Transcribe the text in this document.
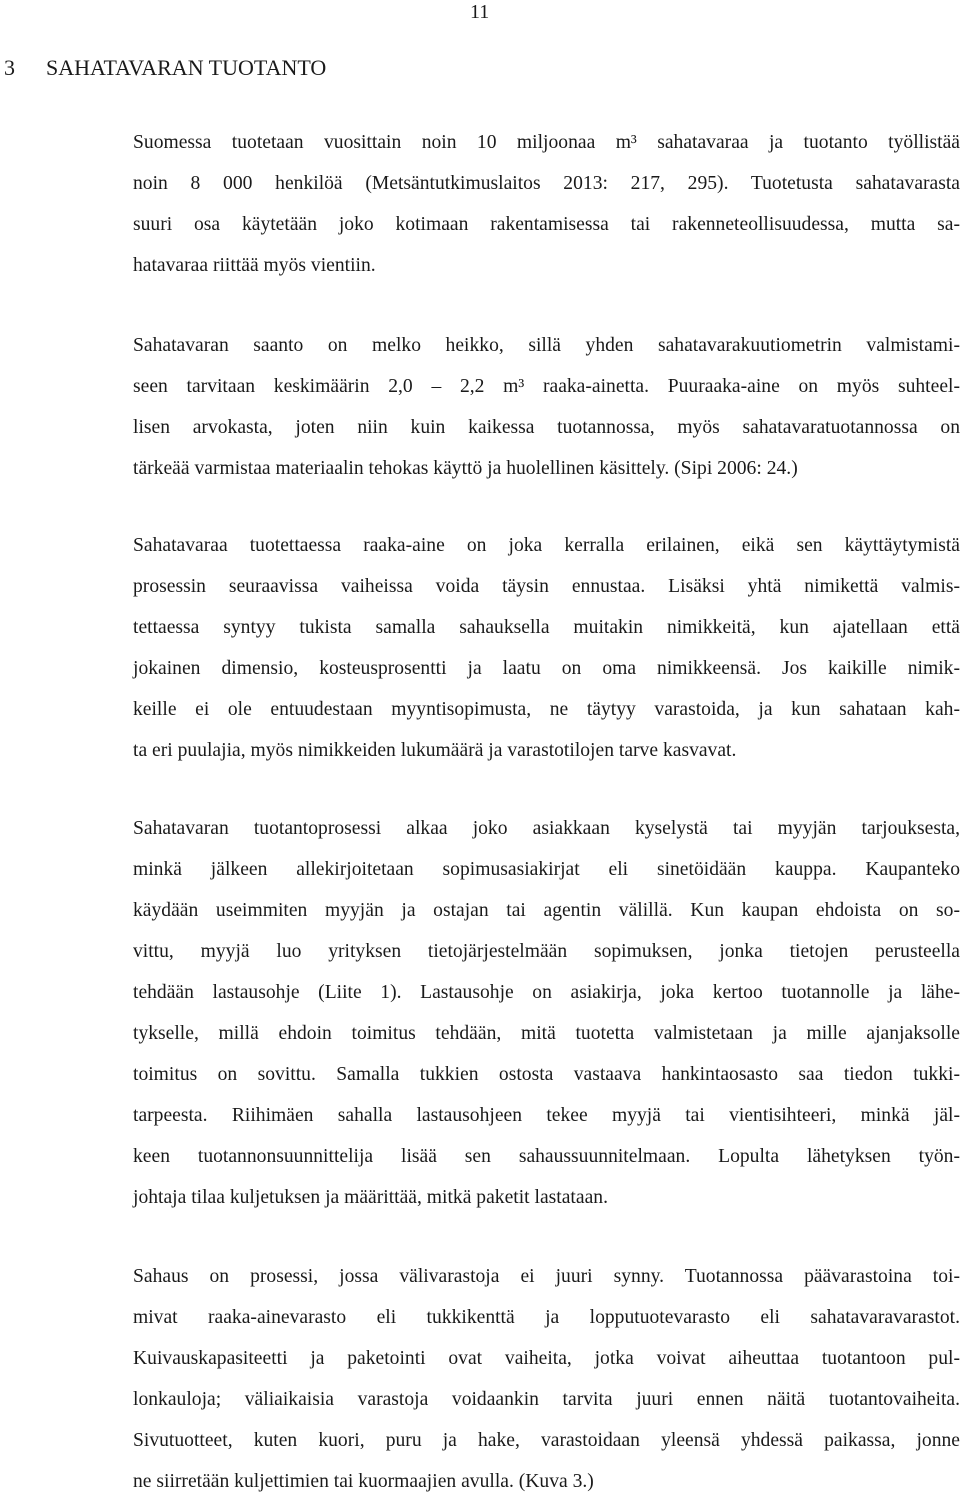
11
3 SAHATAVARAN TUOTANTO
Suomessa tuotetaan vuosittain noin 10 miljoonaa m³ sahatavaraa ja tuotanto työllistää
noin 8 000 henkilöä (Metsäntutkimuslaitos 2013: 217, 295). Tuotetusta sahatavarasta
suuri osa käytetään joko kotimaan rakentamisessa tai rakenneteollisuudessa, mutta sa-
hatavaraa riittää myös vientiin.
Sahatavaran saanto on melko heikko, sillä yhden sahatavarakuutiometrin valmistami-
seen tarvitaan keskimäärin 2,0 – 2,2 m³ raaka-ainetta. Puuraaka-aine on myös suhteel-
lisen arvokasta, joten niin kuin kaikessa tuotannossa, myös sahatavaratuotannossa on
tärkeää varmistaa materiaalin tehokas käyttö ja huolellinen käsittely. (Sipi 2006: 24.)
Sahatavaraa tuotettaessa raaka-aine on joka kerralla erilainen, eikä sen käyttäytymistä
prosessin seuraavissa vaiheissa voida täysin ennustaa. Lisäksi yhtä nimikettä valmis-
tettaessa syntyy tukista samalla sahauksella muitakin nimikkeitä, kun ajatellaan että
jokainen dimensio, kosteusprosentti ja laatu on oma nimikkeensä. Jos kaikille nimik-
keille ei ole entuudestaan myyntisopimusta, ne täytyy varastoida, ja kun sahataan kah-
ta eri puulajia, myös nimikkeiden lukumäärä ja varastotilojen tarve kasvavat.
Sahatavaran tuotantoprosessi alkaa joko asiakkaan kyselystä tai myyjän tarjouksesta,
minkä jälkeen allekirjoitetaan sopimusasiakirjat eli sinetöidään kauppa. Kaupanteko
käydään useimmiten myyjän ja ostajan tai agentin välillä. Kun kaupan ehdoista on so-
vittu, myyjä luo yrityksen tietojärjestelmään sopimuksen, jonka tietojen perusteella
tehdään lastausohje (Liite 1). Lastausohje on asiakirja, joka kertoo tuotannolle ja lähe-
tykselle, millä ehdoin toimitus tehdään, mitä tuotetta valmistetaan ja mille ajanjaksolle
toimitus on sovittu. Samalla tukkien ostosta vastaava hankintaosasto saa tiedon tukki-
tarpeesta. Riihimäen sahalla lastausohjeen tekee myyjä tai vientisihteeri, minkä jäl-
keen tuotannonsuunnittelija lisää sen sahaussuunnitelmaan. Lopulta lähetyksen työn-
johtaja tilaa kuljetuksen ja määrittää, mitkä paketit lastataan.
Sahaus on prosessi, jossa välivarastoja ei juuri synny. Tuotannossa päävarastoina toi-
mivat raaka-ainevarasto eli tukkikenttä ja lopputuotevarasto eli sahatavaravarastot.
Kuivauskapasiteetti ja paketointi ovat vaiheita, jotka voivat aiheuttaa tuotantoon pul-
lonkauloja; väliaikaisia varastoja voidaankin tarvita juuri ennen näitä tuotantovaiheita.
Sivutuotteet, kuten kuori, puru ja hake, varastoidaan yleensä yhdessä paikassa, jonne
ne siirretään kuljettimien tai kuormaajien avulla. (Kuva 3.)
